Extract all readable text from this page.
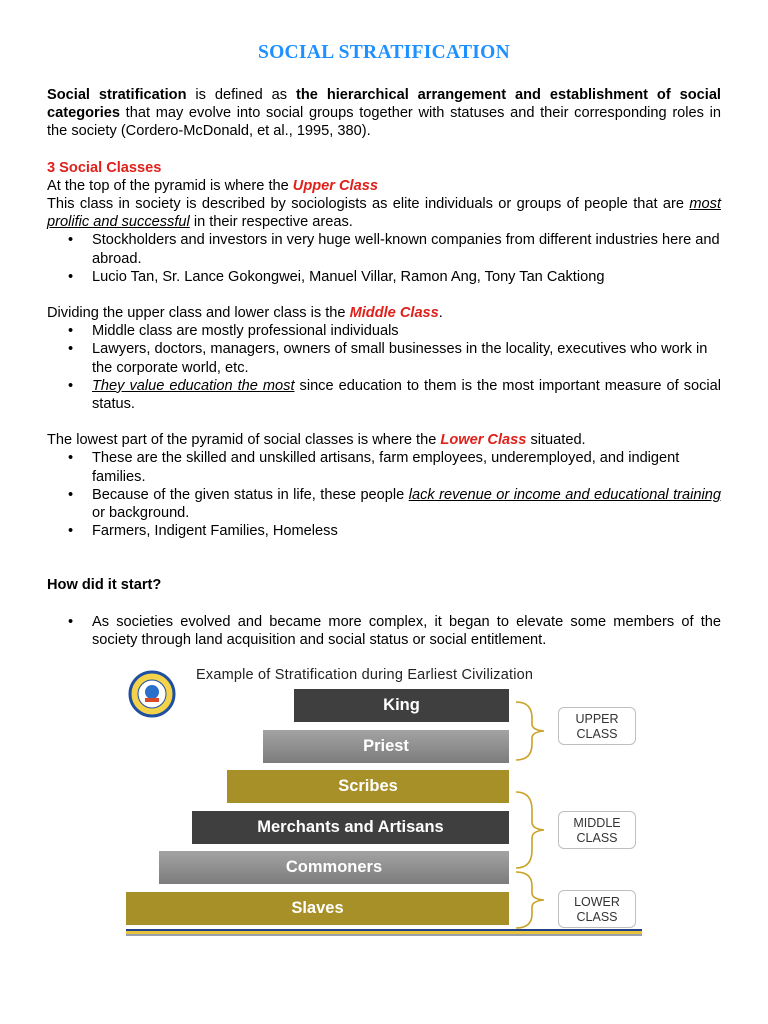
SOCIAL STRATIFICATION

Social stratification is defined as the hierarchical arrangement and establishment of social categories that may evolve into social groups together with statuses and their corresponding roles in the society (Cordero-McDonald, et al., 1995, 380).

3 Social Classes

At the top of the pyramid is where the Upper Class

This class in society is described by sociologists as elite individuals or groups of people that are most prolific and successful in their respective areas.

• Stockholders and investors in very huge well-known companies from different industries here and abroad.
• Lucio Tan, Sr. Lance Gokongwei, Manuel Villar, Ramon Ang, Tony Tan Caktiong

Dividing the upper class and lower class is the Middle Class.

• Middle class are mostly professional individuals
• Lawyers, doctors, managers, owners of small businesses in the locality, executives who work in the corporate world, etc.
• They value education the most since education to them is the most important measure of social status.

The lowest part of the pyramid of social classes is where the Lower Class situated.

• These are the skilled and unskilled artisans, farm employees, underemployed, and indigent families.
• Because of the given status in life, these people lack revenue or income and educational training or background.
• Farmers, Indigent Families, Homeless

How did it start?

• As societies evolved and became more complex, it began to elevate some members of the society through land acquisition and social status or social entitlement.
Example of Stratification during Earliest Civilization
King
Priest
Scribes
Merchants and Artisans
Commoners
Slaves
UPPER
CLASS
MIDDLE
CLASS
LOWER
CLASS
